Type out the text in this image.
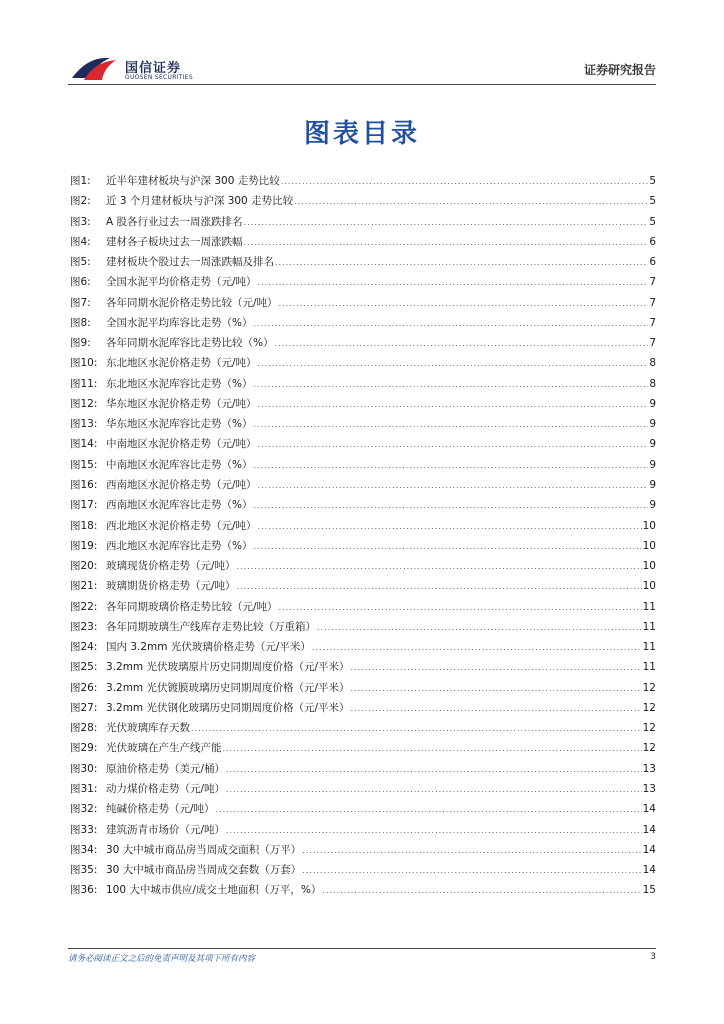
国信证券
GUOSEN SECURITIES
证券研究报告
图表目录
图1:	近半年建材板块与沪深 300 走势比较 .....	5
图2:	近 3 个月建材板块与沪深 300 走势比较 .....	5
图3:	A 股各行业过去一周涨跌排名 .....	5
图4:	建材各子板块过去一周涨跌幅 .....	6
图5:	建材板块个股过去一周涨跌幅及排名 .....	6
图6:	全国水泥平均价格走势（元/吨） .....	7
图7:	各年同期水泥价格走势比较（元/吨） .....	7
图8:	全国水泥平均库容比走势（%） .....	7
图9:	各年同期水泥库容比走势比较（%） .....	7
图10: 东北地区水泥价格走势（元/吨） .....	8
图11: 东北地区水泥库容比走势（%） .....	8
图12: 华东地区水泥价格走势（元/吨） .....	9
图13: 华东地区水泥库容比走势（%） .....	9
图14: 中南地区水泥价格走势（元/吨） .....	9
图15: 中南地区水泥库容比走势（%） .....	9
图16: 西南地区水泥价格走势（元/吨） .....	9
图17: 西南地区水泥库容比走势（%） .....	9
图18: 西北地区水泥价格走势（元/吨） .....	10
图19: 西北地区水泥库容比走势（%） .....	10
图20: 玻璃现货价格走势（元/吨） .....	10
图21: 玻璃期货价格走势（元/吨） .....	10
图22: 各年同期玻璃价格走势比较（元/吨） .....	11
图23: 各年同期玻璃生产线库存走势比较（万重箱） .....	11
图24: 国内 3.2mm 光伏玻璃价格走势（元/平米） .....	11
图25: 3.2mm 光伏玻璃原片历史同期周度价格（元/平米） .....	11
图26: 3.2mm 光伏镀膜玻璃历史同期周度价格（元/平米） .....	12
图27: 3.2mm 光伏钢化玻璃历史同期周度价格（元/平米） .....	12
图28: 光伏玻璃库存天数 .....	12
图29: 光伏玻璃在产生产线产能 .....	12
图30: 原油价格走势（美元/桶） .....	13
图31: 动力煤价格走势（元/吨） .....	13
图32: 纯碱价格走势（元/吨） .....	14
图33: 建筑沥青市场价（元/吨） .....	14
图34: 30 大中城市商品房当周成交面积（万平） .....	14
图35: 30 大中城市商品房当周成交套数（万套） .....	14
图36: 100 大中城市供应/成交土地面积（万平，%） .....	15
请务必阅读正文之后的免责声明及其项下所有内容	3
